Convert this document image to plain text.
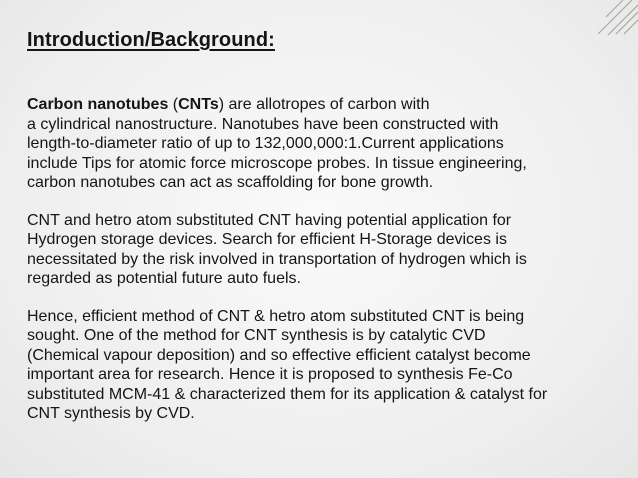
Introduction/Background:

Carbon nanotubes (CNTs) are allotropes of carbon with
a cylindrical nanostructure. Nanotubes have been constructed with
length-to-diameter ratio of up to 132,000,000:1.Current applications
include Tips for atomic force microscope probes. In tissue engineering,
carbon nanotubes can act as scaffolding for bone growth.

CNT and hetro atom substituted CNT having potential application for
Hydrogen storage devices. Search for efficient H-Storage devices is
necessitated by the risk involved in transportation of hydrogen which is
regarded as potential future auto fuels.

Hence, efficient method of CNT & hetro atom substituted CNT is being
sought. One of the method for CNT synthesis is by catalytic CVD
(Chemical vapour deposition) and so effective efficient catalyst become
important area for research. Hence it is proposed to synthesis Fe-Co
substituted MCM-41 & characterized them for its application & catalyst for
CNT synthesis by CVD.
